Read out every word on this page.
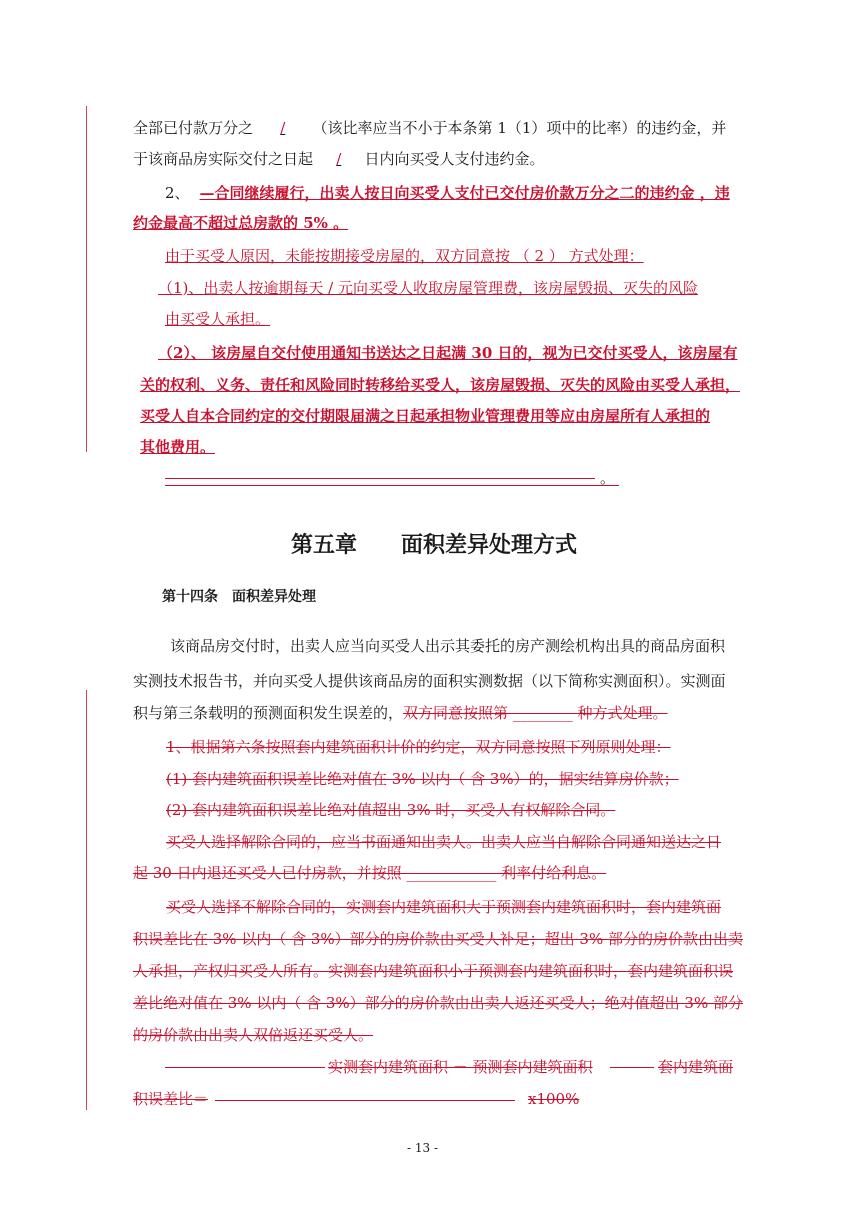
全部已付款万分之 / （该比率应当不小于本条第 1（1）项中的比率）的违约金，并
于该商品房实际交付之日起 / 日内向买受人支付违约金。
2、 —合同继续履行，出卖人按日向买受人支付已交付房价款万分之二的违约金 ，违
约金最高不超过总房款的 5% 。
由于买受人原因，未能按期接受房屋的，双方同意按 （ 2 ） 方式处理：
（1)、出卖人按逾期每天 / 元向买受人收取房屋管理费，该房屋毁损、灭失的风险
由买受人承担。
（2）、 该房屋自交付使用通知书送达之日起满 30 日的，视为已交付买受人，该房屋有
关的权利、义务、责任和风险同时转移给买受人，该房屋毁损、灭失的风险由买受人承担，
买受人自本合同约定的交付期限届满之日起承担物业管理费用等应由房屋所有人承担的
其他费用。
。
第五章　　面积差异处理方式
第十四条　面积差异处理
该商品房交付时，出卖人应当向买受人出示其委托的房产测绘机构出具的商品房面积
实测技术报告书，并向买受人提供该商品房的面积实测数据（以下简称实测面积）。实测面
积与第三条载明的预测面积发生误差的，双方同意按照第 ________ 种方式处理。
1、根据第六条按照套内建筑面积计价的约定，双方同意按照下列原则处理：
(1) 套内建筑面积误差比绝对值在 3% 以内（ 含 3%）的，据实结算房价款；
(2) 套内建筑面积误差比绝对值超出 3% 时，买受人有权解除合同。
买受人选择解除合同的，应当书面通知出卖人。出卖人应当自解除合同通知送达之日
起 30 日内退还买受人已付房款，并按照 ____________ 利率付给利息。
买受人选择不解除合同的，实测套内建筑面积大于预测套内建筑面积时，套内建筑面
积误差比在 3% 以内（ 含 3%）部分的房价款由买受人补足；超出 3% 部分的房价款由出卖
人承担，产权归买受人所有。实测套内建筑面积小于预测套内建筑面积时，套内建筑面积误
差比绝对值在 3% 以内（ 含 3%）部分的房价款由出卖人返还买受人；绝对值超出 3% 部分
的房价款由出卖人双倍返还买受人。
实测套内建筑面积 － 预测套内建筑面积	套内建筑面
积误差比＝	x100%
- 13 -
